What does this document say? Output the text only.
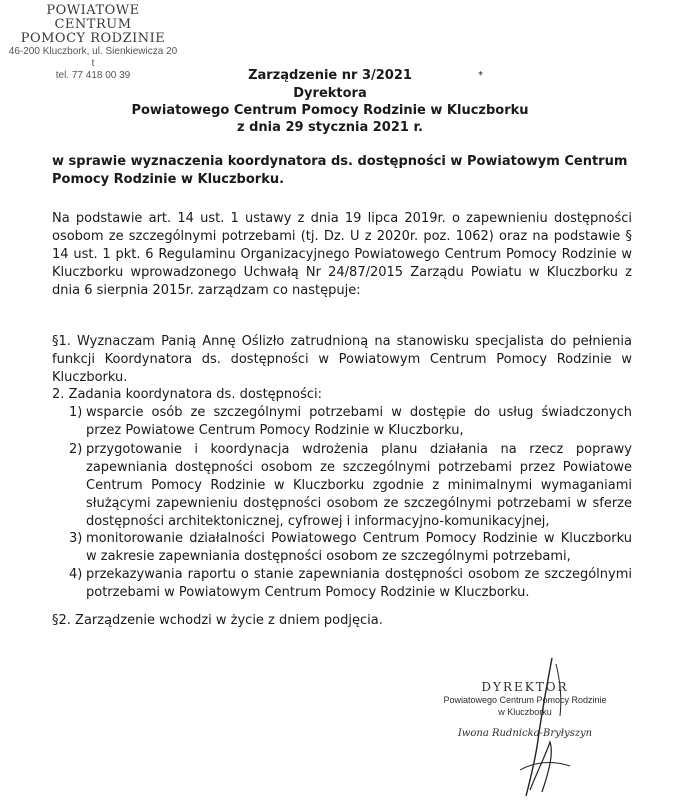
POWIATOWE CENTRUM
POMOCY RODZINIE
46-200 Kluczbork, ul. Sienkiewicza 20 t
tel. 77 418 00 39	Zarządzenie nr 3/2021	*
Dyrektora
Powiatowego Centrum Pomocy Rodzinie w Kluczborku
z dnia 29 stycznia 2021 r.
w sprawie wyznaczenia koordynatora ds. dostępności w Powiatowym Centrum Pomocy Rodzinie w Kluczborku.
Na podstawie art. 14 ust. 1 ustawy z dnia 19 lipca 2019r. o zapewnieniu dostępności osobom ze szczególnymi potrzebami (tj. Dz. U z 2020r. poz. 1062) oraz na podstawie § 14 ust. 1 pkt. 6 Regulaminu Organizacyjnego Powiatowego Centrum Pomocy Rodzinie w Kluczborku wprowadzonego Uchwałą Nr 24/87/2015 Zarządu Powiatu w Kluczborku z dnia 6 sierpnia 2015r. zarządzam co następuje:
§1. Wyznaczam Panią Annę Oślizło zatrudnioną na stanowisku specjalista do pełnienia funkcji Koordynatora ds. dostępności w Powiatowym Centrum Pomocy Rodzinie w Kluczborku.
2. Zadania koordynatora ds. dostępności:
1) wsparcie osób ze szczególnymi potrzebami w dostępie do usług świadczonych przez Powiatowe Centrum Pomocy Rodzinie w Kluczborku,
2) przygotowanie i koordynacja wdrożenia planu działania na rzecz poprawy zapewniania dostępności osobom ze szczególnymi potrzebami przez Powiatowe Centrum Pomocy Rodzinie w Kluczborku zgodnie z minimalnymi wymaganiami służącymi zapewnieniu dostępności osobom ze szczególnymi potrzebami w sferze dostępności architektonicznej, cyfrowej i informacyjno-komunikacyjnej,
3) monitorowanie działalności Powiatowego Centrum Pomocy Rodzinie w Kluczborku w zakresie zapewniania dostępności osobom ze szczególnymi potrzebami,
4) przekazywania raportu o stanie zapewniania dostępności osobom ze szczególnymi potrzebami w Powiatowym Centrum Pomocy Rodzinie w Kluczborku.
§2. Zarządzenie wchodzi w życie z dniem podjęcia.
DYREKTOR
Powiatowego Centrum Pomocy Rodzinie
w Kluczborku
Iwona Rudnicka-Bryłyszyn
